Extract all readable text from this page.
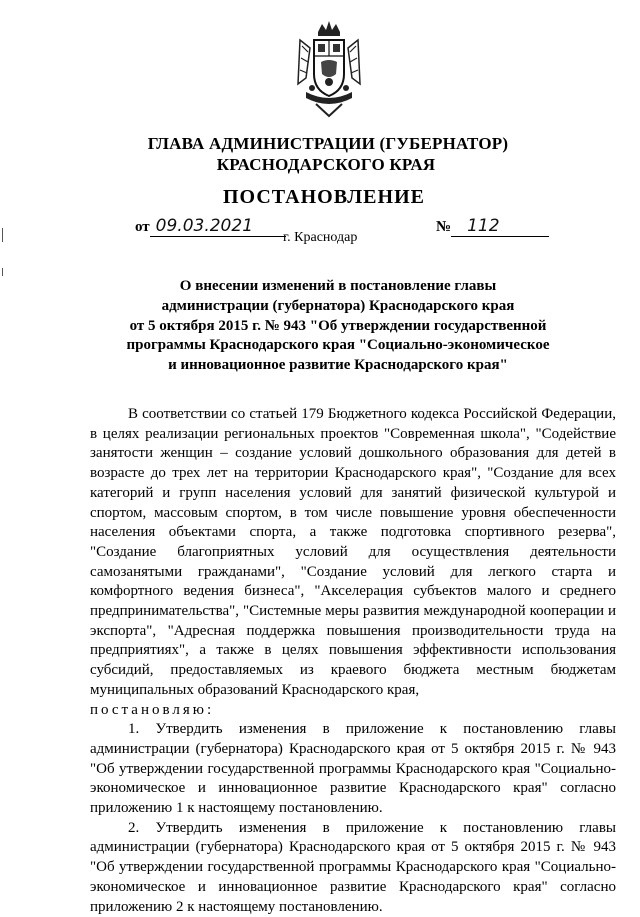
ГЛАВА АДМИНИСТРАЦИИ (ГУБЕРНАТОР)
КРАСНОДАРСКОГО КРАЯ
ПОСТАНОВЛЕНИЕ
от 09.03.2021	№ 112
г. Краснодар
О внесении изменений в постановление главы
администрации (губернатора) Краснодарского края
от 5 октября 2015 г. № 943 "Об утверждении государственной
программы Краснодарского края "Социально-экономическое
и инновационное развитие Краснодарского края"

В соответствии со статьей 179 Бюджетного кодекса Российской Федерации, в целях реализации региональных проектов "Современная школа", "Содействие занятости женщин – создание условий дошкольного образования для детей в возрасте до трех лет на территории Краснодарского края", "Создание для всех категорий и групп населения условий для занятий физической культурой и спортом, массовым спортом, в том числе повышение уровня обеспеченности населения объектами спорта, а также подготовка спортивного резерва", "Создание благоприятных условий для осуществления деятельности самозанятыми гражданами", "Создание условий для легкого старта и комфортного ведения бизнеса", "Акселерация субъектов малого и среднего предпринимательства", "Системные меры развития международной кооперации и экспорта", "Адресная поддержка повышения производительности труда на предприятиях", а также в целях повышения эффективности использования субсидий, предоставляемых из краевого бюджета местным бюджетам муниципальных образований Краснодарского края,

постановляю:

1. Утвердить изменения в приложение к постановлению главы администрации (губернатора) Краснодарского края от 5 октября 2015 г. № 943 "Об утверждении государственной программы Краснодарского края "Социально-экономическое и инновационное развитие Краснодарского края" согласно приложению 1 к настоящему постановлению.

2. Утвердить изменения в приложение к постановлению главы администрации (губернатора) Краснодарского края от 5 октября 2015 г. № 943 "Об утверждении государственной программы Краснодарского края "Социально-экономическое и инновационное развитие Краснодарского края" согласно приложению 2 к настоящему постановлению.
